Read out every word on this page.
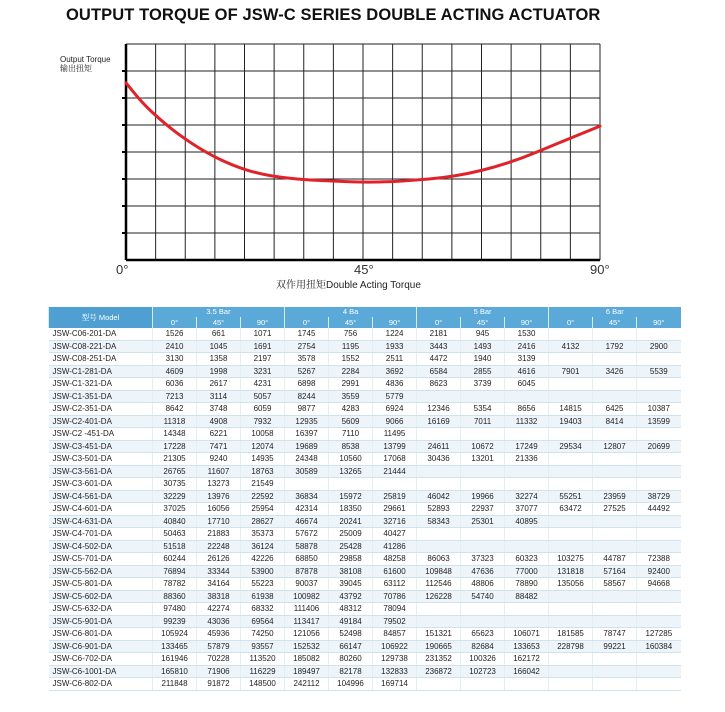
OUTPUT TORQUE OF JSW-C SERIES DOUBLE ACTING ACTUATOR
Output Torque
输出扭矩
0°	45°	90°
双作用扭矩Double Acting Torque
型号 Model	3.5 Bar			4 Ba			5 Bar			6 Bar		
	0°	45°	90°	0°	45°	90°	0°	45°	90°	0°	45°	90°
JSW-C06-201-DA	1526	661	1071	1745	756	1224	2181	945	1530			
JSW-C08-221-DA	2410	1045	1691	2754	1195	1933	3443	1493	2416	4132	1792	2900
JSW-C08-251-DA	3130	1358	2197	3578	1552	2511	4472	1940	3139			
JSW-C1-281-DA	4609	1998	3231	5267	2284	3692	6584	2855	4616	7901	3426	5539
JSW-C1-321-DA	6036	2617	4231	6898	2991	4836	8623	3739	6045			
JSW-C1-351-DA	7213	3114	5057	8244	3559	5779						
JSW-C2-351-DA	8642	3748	6059	9877	4283	6924	12346	5354	8656	14815	6425	10387
JSW-C2-401-DA	11318	4908	7932	12935	5609	9066	16169	7011	11332	19403	8414	13599
JSW-C2 -451-DA	14348	6221	10058	16397	7110	11495						
JSW-C3-451-DA	17228	7471	12074	19689	8538	13799	24611	10672	17249	29534	12807	20699
JSW-C3-501-DA	21305	9240	14935	24348	10560	17068	30436	13201	21336			
JSW-C3-561-DA	26765	11607	18763	30589	13265	21444						
JSW-C3-601-DA	30735	13273	21549									
JSW-C4-561-DA	32229	13976	22592	36834	15972	25819	46042	19966	32274	55251	23959	38729
JSW-C4-601-DA	37025	16056	25954	42314	18350	29661	52893	22937	37077	63472	27525	44492
JSW-C4-631-DA	40840	17710	28627	46674	20241	32716	58343	25301	40895			
JSW-C4-701-DA	50463	21883	35373	57672	25009	40427						
JSW-C4-502-DA	51518	22248	36124	58878	25428	41286						
JSW-C5-701-DA	60244	26126	42226	68850	29858	48258	86063	37323	60323	103275	44787	72388
JSW-C5-562-DA	76894	33344	53900	87878	38108	61600	109848	47636	77000	131818	57164	92400
JSW-C5-801-DA	78782	34164	55223	90037	39045	63112	112546	48806	78890	135056	58567	94668
JSW-C5-602-DA	88360	38318	61938	100982	43792	70786	126228	54740	88482			
JSW-C5-632-DA	97480	42274	68332	111406	48312	78094						
JSW-C5-901-DA	99239	43036	69564	113417	49184	79502						
JSW-C6-801-DA	105924	45936	74250	121056	52498	84857	151321	65623	106071	181585	78747	127285
JSW-C6-901-DA	133465	57879	93557	152532	66147	106922	190665	82684	133653	228798	99221	160384
JSW-C6-702-DA	161946	70228	113520	185082	80260	129738	231352	100326	162172			
JSW-C6-1001-DA	165810	71906	116229	189497	82178	132833	236872	102723	166042			
JSW-C6-802-DA	211848	91872	148500	242112	104996	169714						
